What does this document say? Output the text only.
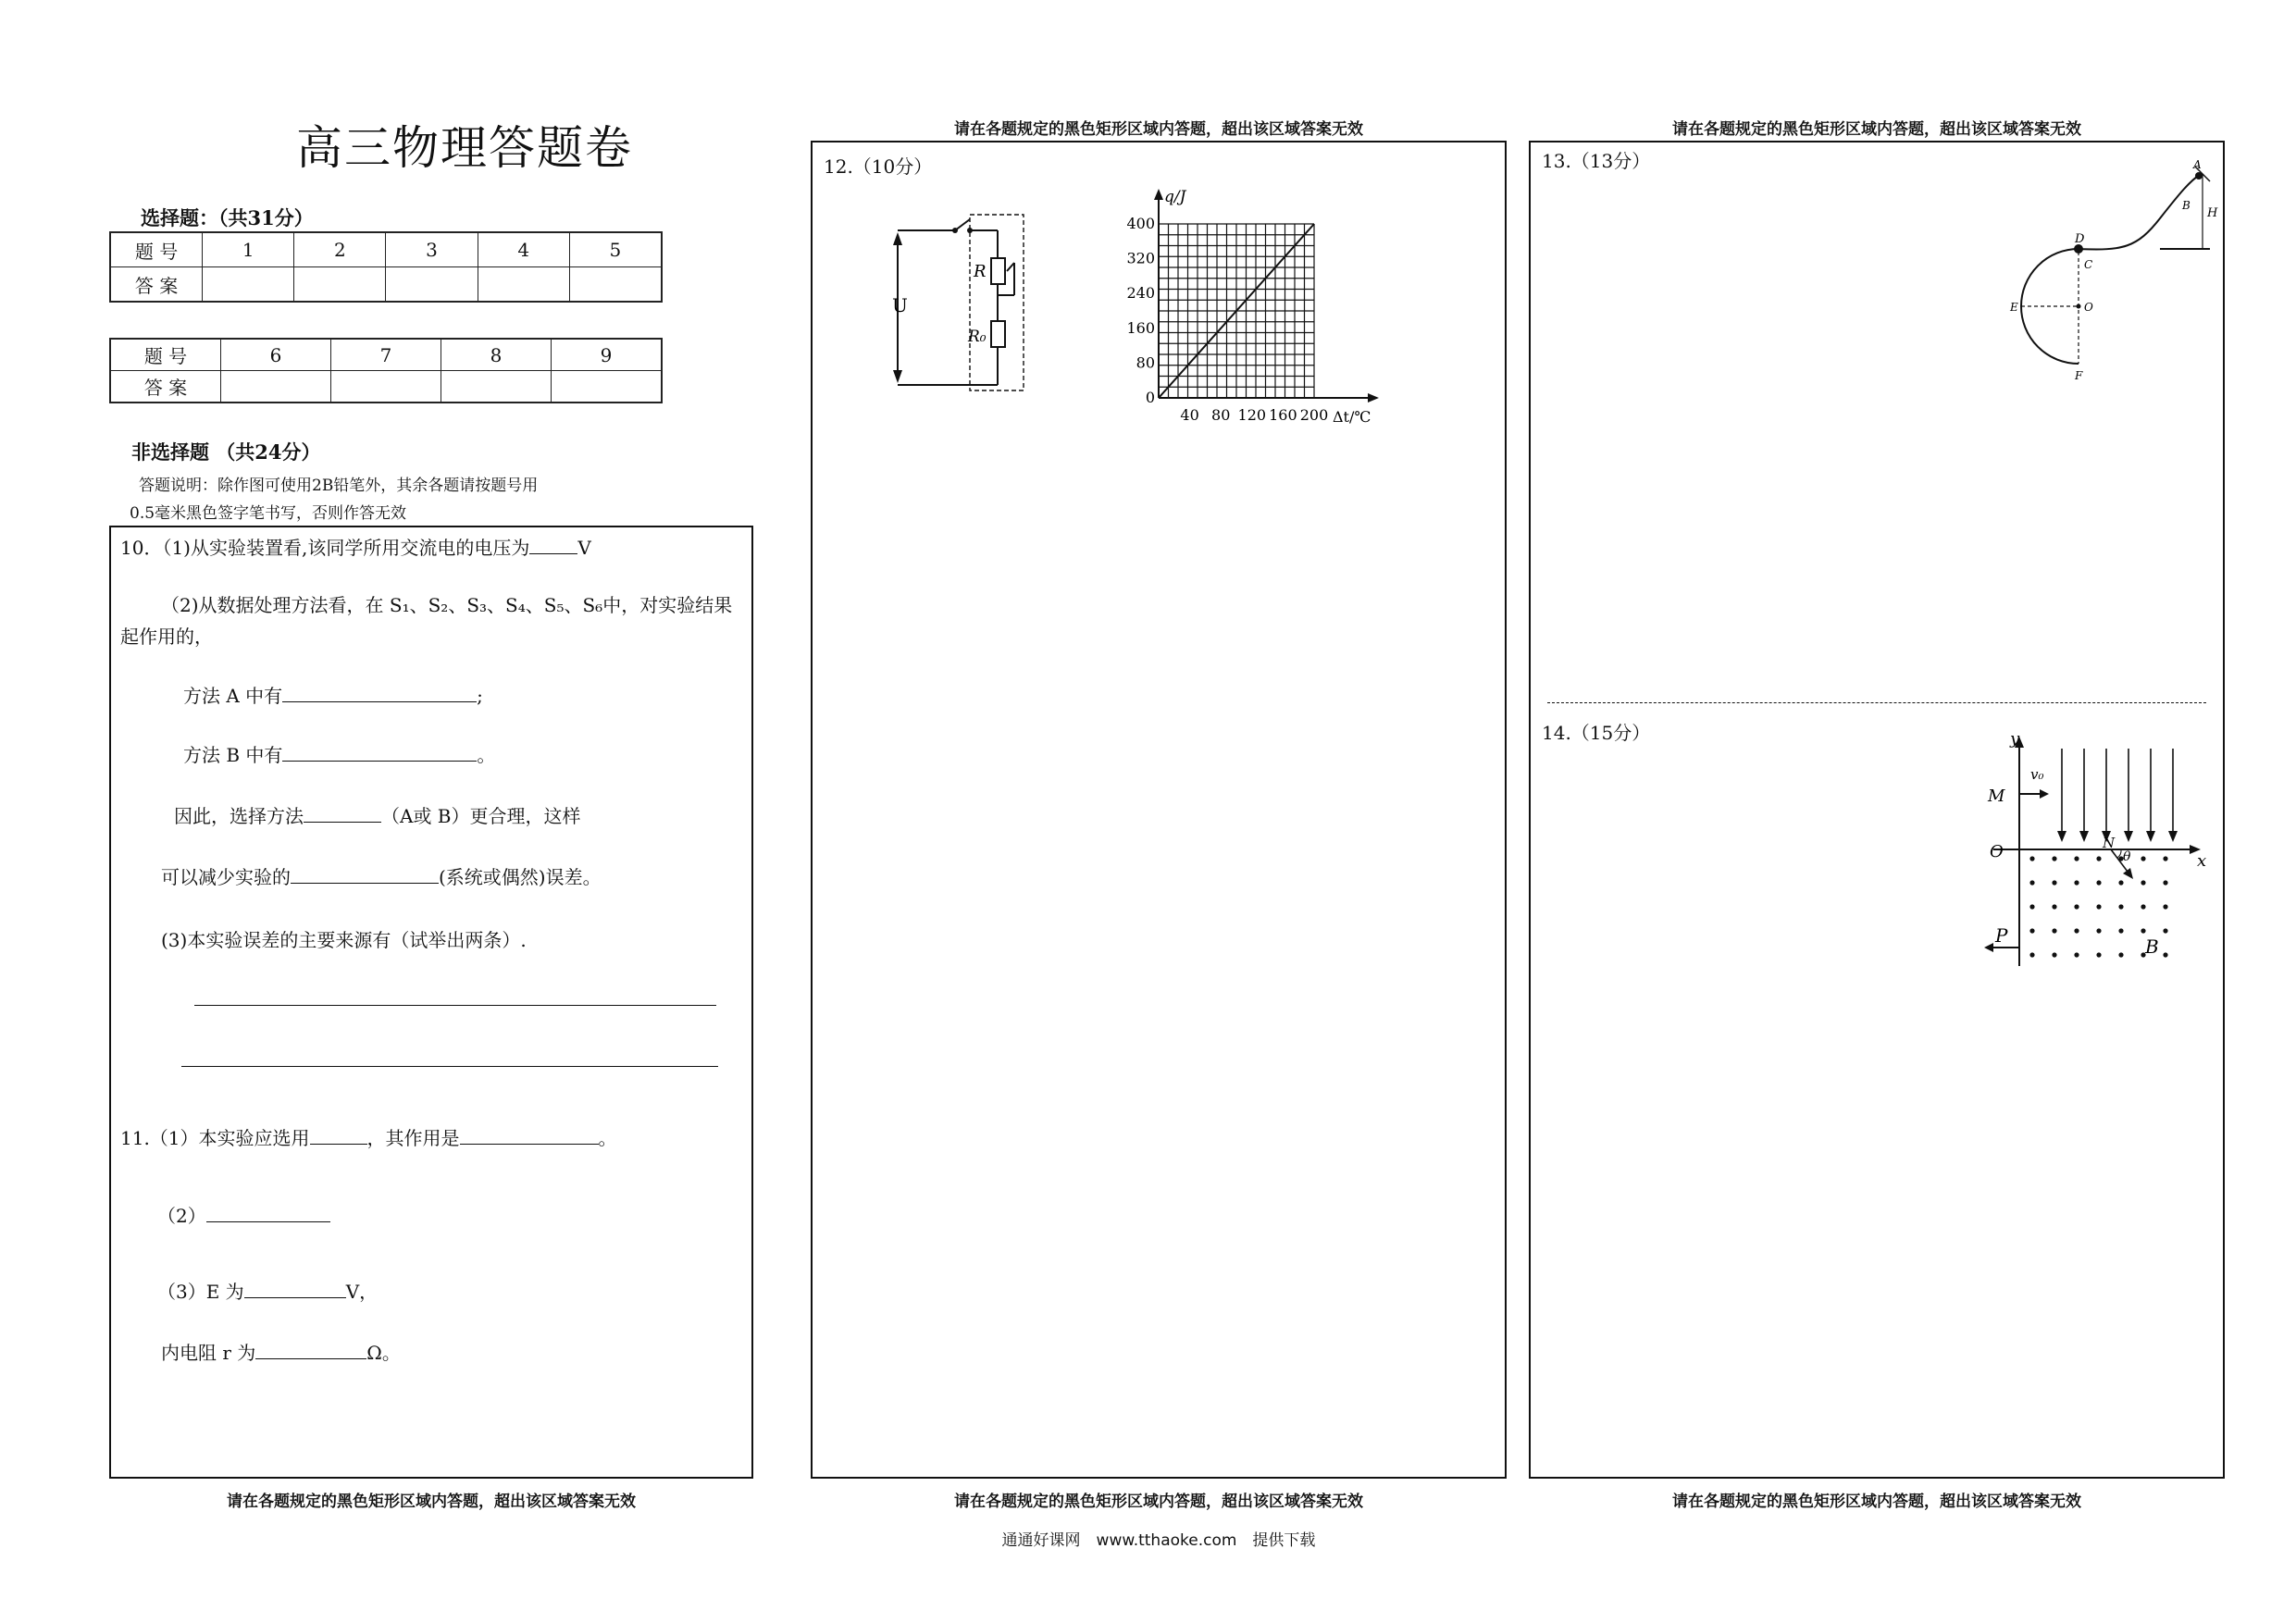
高三物理答题卷
选择题：（共31分）
题 号	1	2	3	4	5
答 案					
题 号	6	7	8	9
答 案				
非选择题 （共24分）
答题说明：除作图可使用2B铅笔外，其余各题请按题号用
0.5毫米黑色签字笔书写，否则作答无效
10．（1)从实验装置看,该同学所用交流电的电压为	V
（2)从数据处理方法看，在 S₁、S₂、S₃、S₄、S₅、S₆中，对实验结果
起作用的，
方法 A 中有	;
方法 B 中有	。
因此，选择方法	（A或 B）更合理，这样
可以减少实验的	(系统或偶然)误差。
(3)本实验误差的主要来源有（试举出两条）.
11.（1）本实验应选用	，其作用是	。
（2）
（3）E 为	V，
内电阻 r 为	Ω。
请在各题规定的黑色矩形区域内答题，超出该区域答案无效
请在各题规定的黑色矩形区域内答题，超出该区域答案无效
12.（10分）
U
R
R₀
0
80
160
240
320
400
40 80 120 160 200
q/J
Δt/℃
请在各题规定的黑色矩形区域内答题，超出该区域答案无效
请在各题规定的黑色矩形区域内答题，超出该区域答案无效
13.（13分）	A
B
H
D
C
O
E
F
14.（15分）	y
x
M
v₀
O	N
θ
P	B
请在各题规定的黑色矩形区域内答题，超出该区域答案无效
通通好课网　www.tthaoke.com　提供下载
